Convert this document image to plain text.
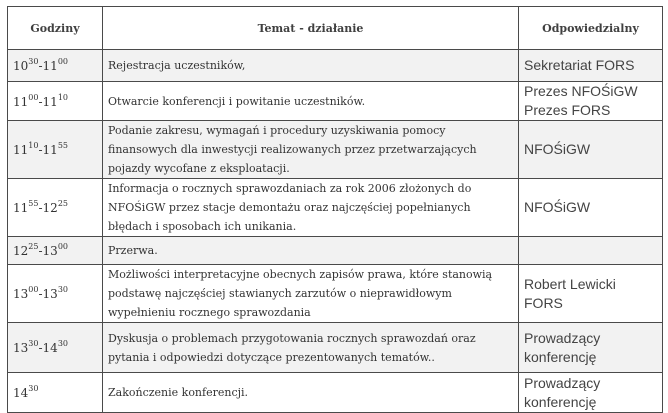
Godziny	Temat - działanie	Odpowiedzialny
$10^{30}-11^{00}$	Rejestracja uczestników,	Sekretariat FORS

$11^{00}-11^{10}$	Otwarcie konferencji i powitanie uczestników.	Prezes NFOŚiGW
Prezes FORS

$11^{10}-11^{55}$	Podanie zakresu, wymagań i procedury uzyskiwania pomocy finansowych dla inwestycji realizowanych przez przetwarzających pojazdy wycofane z eksploatacji.	NFOŚiGW

$11^{55}-12^{25}$	Informacja o rocznych sprawozdaniach za rok 2006 złożonych do NFOŚiGW przez stacje demontażu oraz najczęściej popełnianych błędach i sposobach ich unikania.	NFOŚiGW

$12^{25}-13^{00}$	Przerwa.	
$13^{00}-13^{30}$	Możliwości interpretacyjne obecnych zapisów prawa, które stanowią podstawę najczęściej stawianych zarzutów o nieprawidłowym wypełnieniu rocznego sprawozdania	Robert Lewicki
FORS

$13^{30}-14^{30}$	Dyskusja o problemach przygotowania rocznych sprawozdań oraz pytania i odpowiedzi dotyczące prezentowanych tematów..	Prowadzący
konferencję

$14^{30}$	Zakończenie konferencji.	Prowadzący
konferencję
